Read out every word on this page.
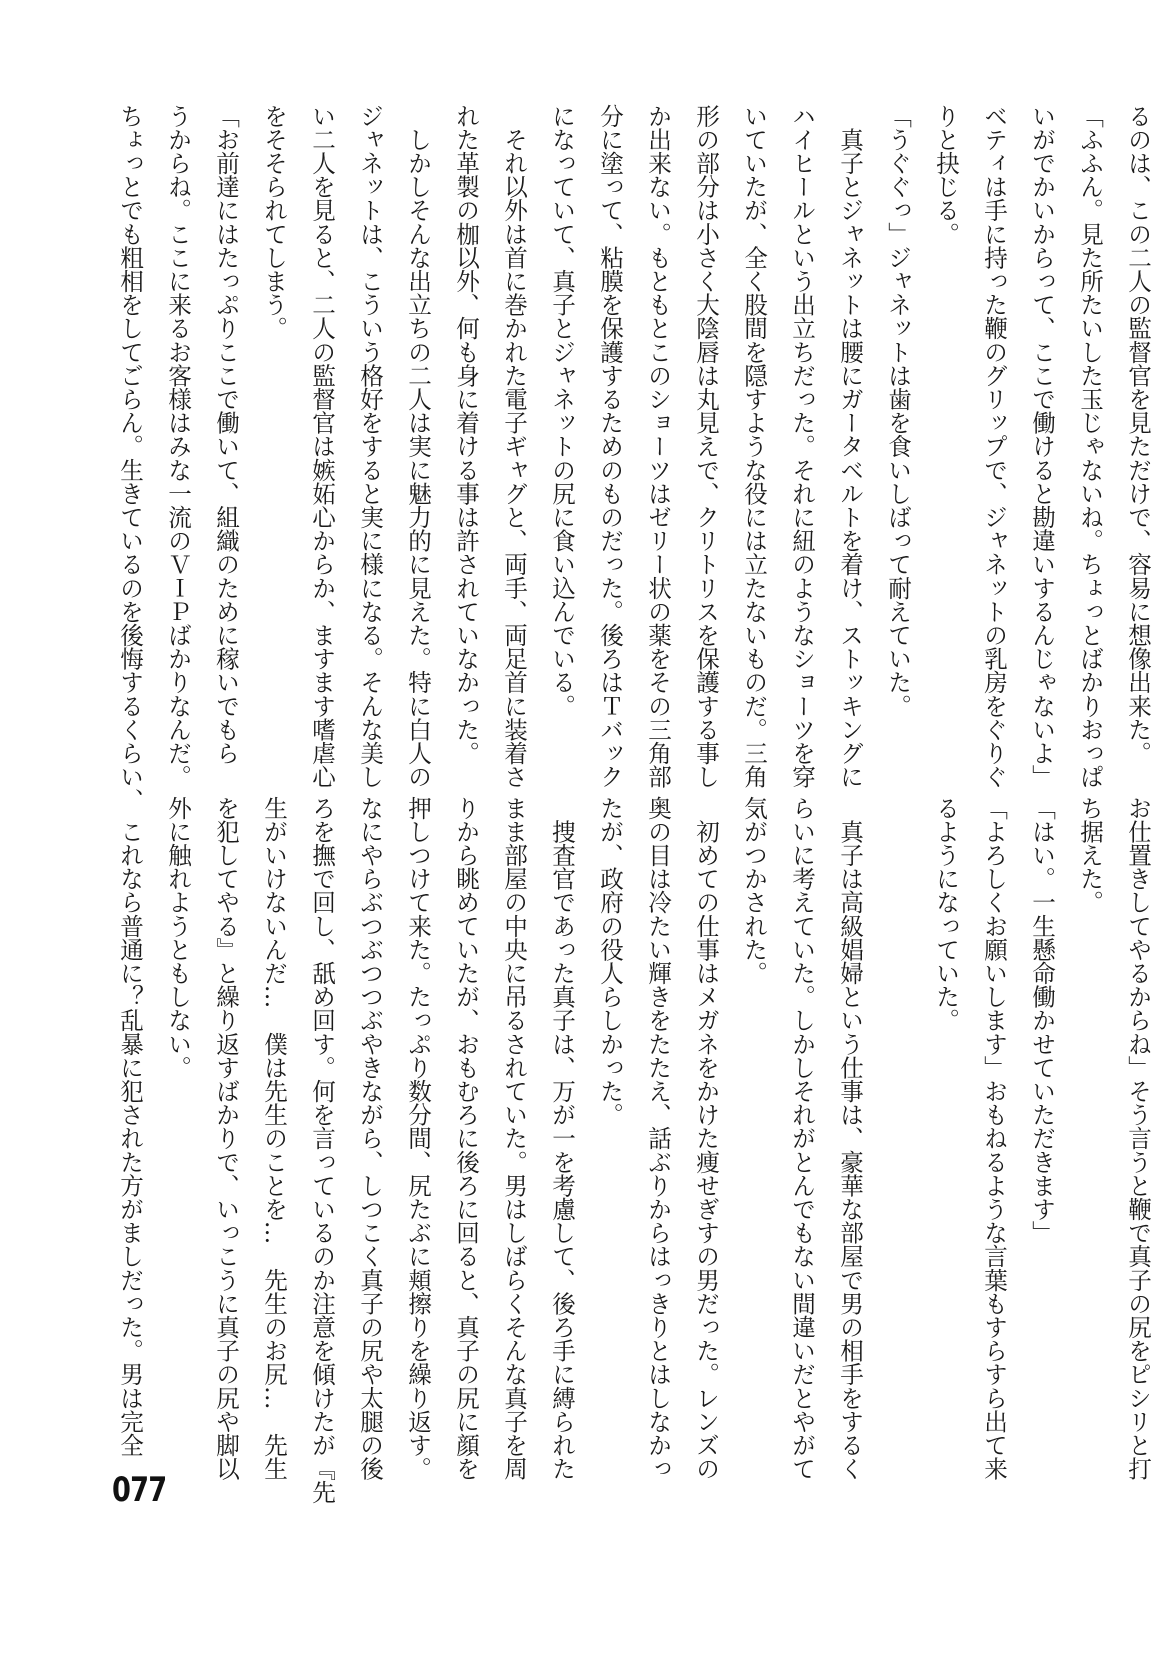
るのは、この二人の監督官を見ただけで、容易に想像出来た。
「ふふん。見た所たいした玉じゃないね。ちょっとばかりおっぱ
いがでかいからって、ここで働けると勘違いするんじゃないよ」
ベティは手に持った鞭のグリップで、ジャネットの乳房をぐりぐ
りと抉じる。
「うぐぐっ」ジャネットは歯を食いしばって耐えていた。
　真子とジャネットは腰にガータベルトを着け、ストッキングに
ハイヒールという出立ちだった。それに紐のようなショーツを穿
いていたが、全く股間を隠すような役には立たないものだ。三角
形の部分は小さく大陰唇は丸見えで、クリトリスを保護する事し
か出来ない。もともとこのショーツはゼリー状の薬をその三角部
分に塗って、粘膜を保護するためのものだった。後ろはＴバック
になっていて、真子とジャネットの尻に食い込んでいる。
　それ以外は首に巻かれた電子ギャグと、両手、両足首に装着さ
れた革製の枷以外、何も身に着ける事は許されていなかった。
　しかしそんな出立ちの二人は実に魅力的に見えた。特に白人の
ジャネットは、こういう格好をすると実に様になる。そんな美し
い二人を見ると、二人の監督官は嫉妬心からか、ますます嗜虐心
をそそられてしまう。
「お前達にはたっぷりここで働いて、組織のために稼いでもら
うからね。ここに来るお客様はみな一流のＶＩＰばかりなんだ。
ちょっとでも粗相をしてごらん。生きているのを後悔するくらい、
お仕置きしてやるからね」そう言うと鞭で真子の尻をピシリと打
ち据えた。
「はい。一生懸命働かせていただきます」
「よろしくお願いします」おもねるような言葉もすらすら出て来
るようになっていた。
　真子は高級娼婦という仕事は、豪華な部屋で男の相手をするく
らいに考えていた。しかしそれがとんでもない間違いだとやがて
気がつかされた。
　初めての仕事はメガネをかけた痩せぎすの男だった。レンズの
奥の目は冷たい輝きをたたえ、話ぶりからはっきりとはしなかっ
たが、政府の役人らしかった。
　捜査官であった真子は、万が一を考慮して、後ろ手に縛られた
まま部屋の中央に吊るされていた。男はしばらくそんな真子を周
りから眺めていたが、おもむろに後ろに回ると、真子の尻に顔を
押しつけて来た。たっぷり数分間、尻たぶに頬擦りを繰り返す。
なにやらぶつぶつつぶやきながら、しつこく真子の尻や太腿の後
ろを撫で回し、舐め回す。何を言っているのか注意を傾けたが『先
生がいけないんだ…　僕は先生のことを…　先生のお尻…　先生
を犯してやる』と繰り返すばかりで、いっこうに真子の尻や脚以
外に触れようともしない。
　これなら普通に？乱暴に犯された方がましだった。男は完全
077
